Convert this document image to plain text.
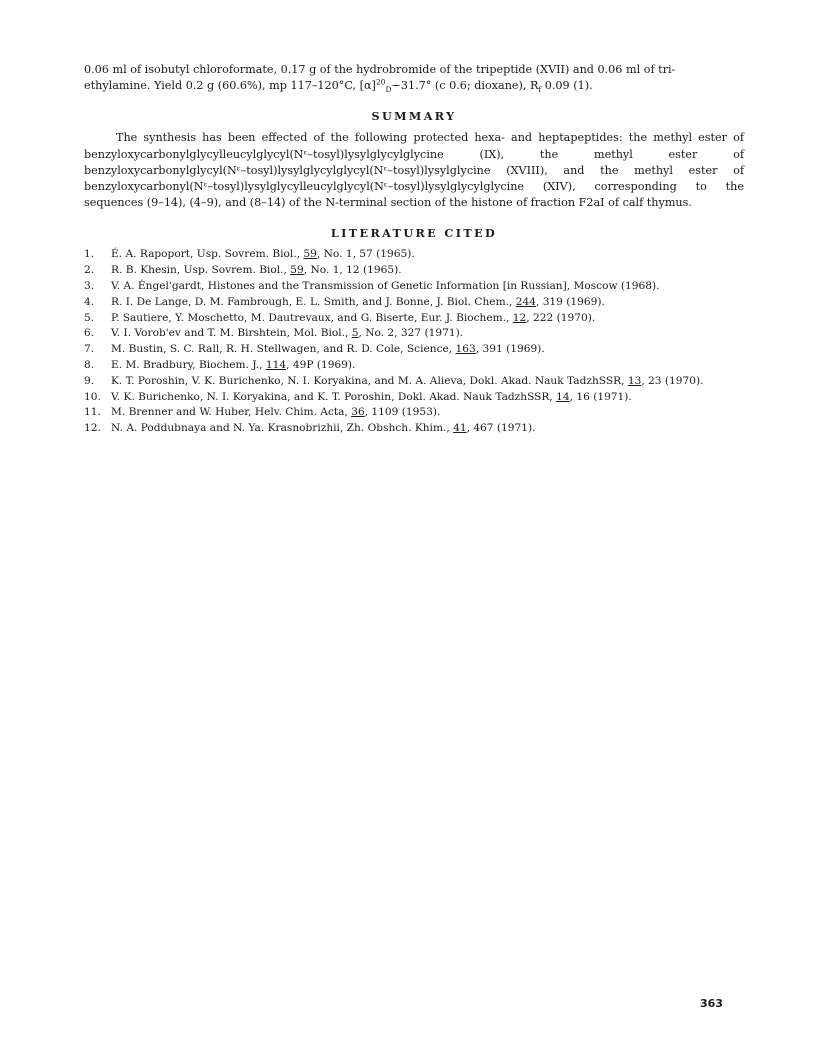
0.06 ml of isobutyl chloroformate, 0.17 g of the hydrobromide of the tripeptide (XVII) and 0.06 ml of tri-
ethylamine. Yield 0.2 g (60.6%), mp 117–120°C, $[\alpha]^{20}_D-31.7^\circ$ (c 0.6; dioxane), $R_f$ 0.09 (1).

SUMMARY

The synthesis has been effected of the following protected hexa- and heptapeptides: the methyl ester of benzyloxycarbonylglycylleucylglycyl(Nᵋ–tosyl)lysylglycylglycine (IX), the methyl ester of benzyloxycarbonylglycyl(Nᵋ–tosyl)lysylglycylglycyl(Nᵋ–tosyl)lysylglycine (XVIII), and the methyl ester of benzyloxycarbonyl(Nᵋ–tosyl)lysylglycylleucylglycyl(Nᵋ–tosyl)lysylglycylglycine (XIV), corresponding to the sequences (9–14), (4–9), and (8–14) of the N-terminal section of the histone of fraction F2aI of calf thymus.

LITERATURE CITED
1.	É. A. Rapoport, Usp. Sovrem. Biol., 59, No. 1, 57 (1965).
2.	R. B. Khesin, Usp. Sovrem. Biol., 59, No. 1, 12 (1965).
3.	V. A. Éngel'gardt, Histones and the Transmission of Genetic Information [in Russian], Moscow (1968).
4.	R. I. De Lange, D. M. Fambrough, E. L. Smith, and J. Bonne, J. Biol. Chem., 244, 319 (1969).
5.	P. Sautiere, Y. Moschetto, M. Dautrevaux, and G. Biserte, Eur. J. Biochem., 12, 222 (1970).
6.	V. I. Vorob'ev and T. M. Birshtein, Mol. Biol., 5, No. 2, 327 (1971).
7.	M. Bustin, S. C. Rall, R. H. Stellwagen, and R. D. Cole, Science, 163, 391 (1969).
8.	E. M. Bradbury, Biochem. J., 114, 49P (1969).
9.	K. T. Poroshin, V. K. Burichenko, N. I. Koryakina, and M. A. Alieva, Dokl. Akad. Nauk TadzhSSR, 13, 23 (1970).
10. V. K. Burichenko, N. I. Koryakina, and K. T. Poroshin, Dokl. Akad. Nauk TadzhSSR, 14, 16 (1971).
11. M. Brenner and W. Huber, Helv. Chim. Acta, 36, 1109 (1953).
12. N. A. Poddubnaya and N. Ya. Krasnobrizhii, Zh. Obshch. Khim., 41, 467 (1971).
363
